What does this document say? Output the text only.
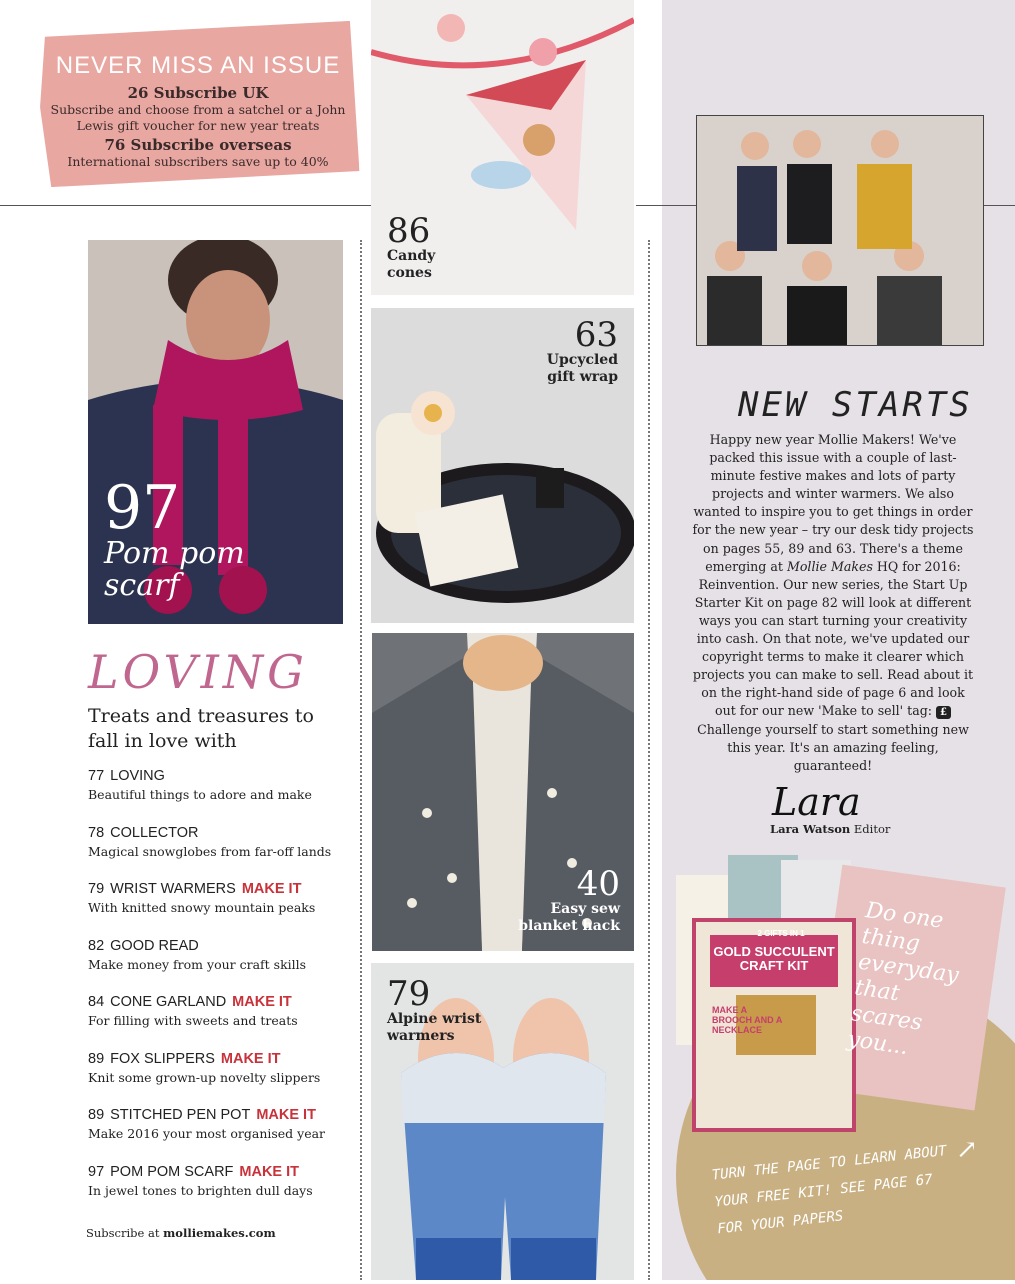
NEVER MISS AN ISSUE
26 Subscribe UK
Subscribe and choose from a satchel or a John Lewis gift voucher for new year treats
76 Subscribe overseas
International subscribers save up to 40%
86
Candy cones
63
Upcycled gift wrap
40
Easy sew blanket hack
79
Alpine wrist warmers
97
Pom pom scarf
LOVING
Treats and treasures to fall in love with
77 LOVING
Beautiful things to adore and make
78 COLLECTOR
Magical snowglobes from far-off lands
79 WRIST WARMERS MAKE IT
With knitted snowy mountain peaks
82 GOOD READ
Make money from your craft skills
84 CONE GARLAND MAKE IT
For filling with sweets and treats
89 FOX SLIPPERS MAKE IT
Knit some grown-up novelty slippers
89 STITCHED PEN POT MAKE IT
Make 2016 your most organised year
97 POM POM SCARF MAKE IT
In jewel tones to brighten dull days
Subscribe at molliemakes.com
NEW STARTS
Happy new year Mollie Makers! We've packed this issue with a couple of last-minute festive makes and lots of party projects and winter warmers. We also wanted to inspire you to get things in order for the new year – try our desk tidy projects on pages 55, 89 and 63. There's a theme emerging at Mollie Makes HQ for 2016: Reinvention. Our new series, the Start Up Starter Kit on page 82 will look at different ways you can start turning your creativity into cash. On that note, we've updated our copyright terms to make it clearer which projects you can make to sell. Read about it on the right-hand side of page 6 and look out for our new 'Make to sell' tag: £ Challenge yourself to start something new this year. It's an amazing feeling, guaranteed!
Lara
Lara Watson Editor
2 GIFTS IN 1
GOLD SUCCULENT CRAFT KIT
MAKE A BROOCH AND A NECKLACE
Do one thing everyday that scares you...
TURN THE PAGE TO LEARN ABOUT YOUR FREE KIT! SEE PAGE 67 FOR YOUR PAPERS
↗
